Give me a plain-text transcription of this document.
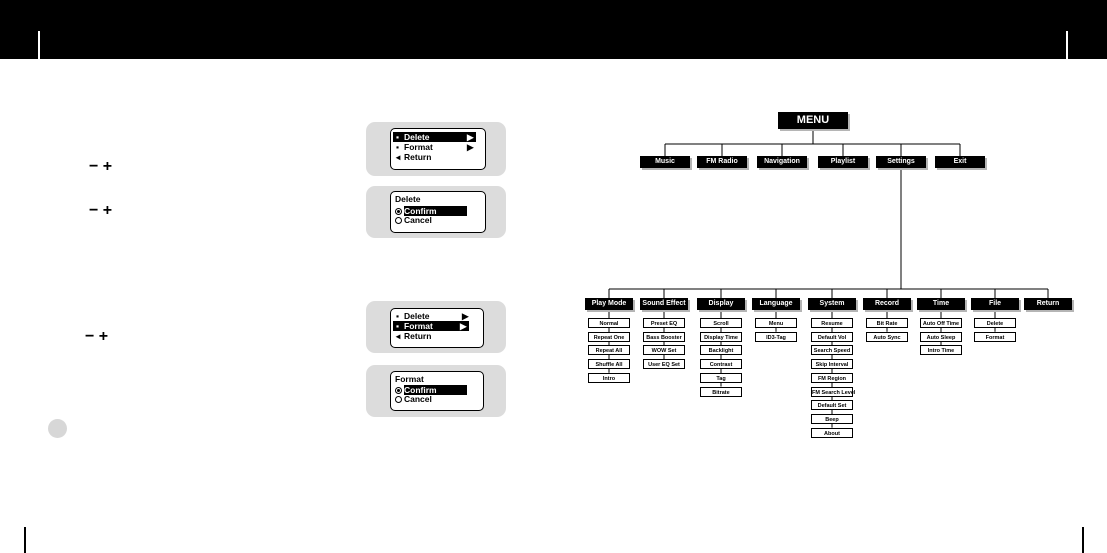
− +
− +
− +
▪ Delete	▶
▪ Format	▶
◂ Return
Delete
Confirm
Cancel
▪ Delete	▶
▪ Format	▶
◂ Return
Format
Confirm
Cancel
MENU
Music	FM Radio	Navigation	Playlist	Settings	Exit
Play Mode
Normal
Repeat One
Repeat All
Shuffle All
Intro
Sound Effect
Preset EQ
Bass Booster
WOW Set
User EQ Set
Display
Scroll
Display Time
Backlight
Contrast
Tag
Bitrate
Language
Menu
ID3-Tag
System
Resume
Default Vol
Search Speed
Skip Interval
FM Region
FM Search Level
Default Set
Beep
About
Record
Bit Rate
Auto Sync
Time
Auto Off Time
Auto Sleep
Intro Time
File
Delete
Format
Return
